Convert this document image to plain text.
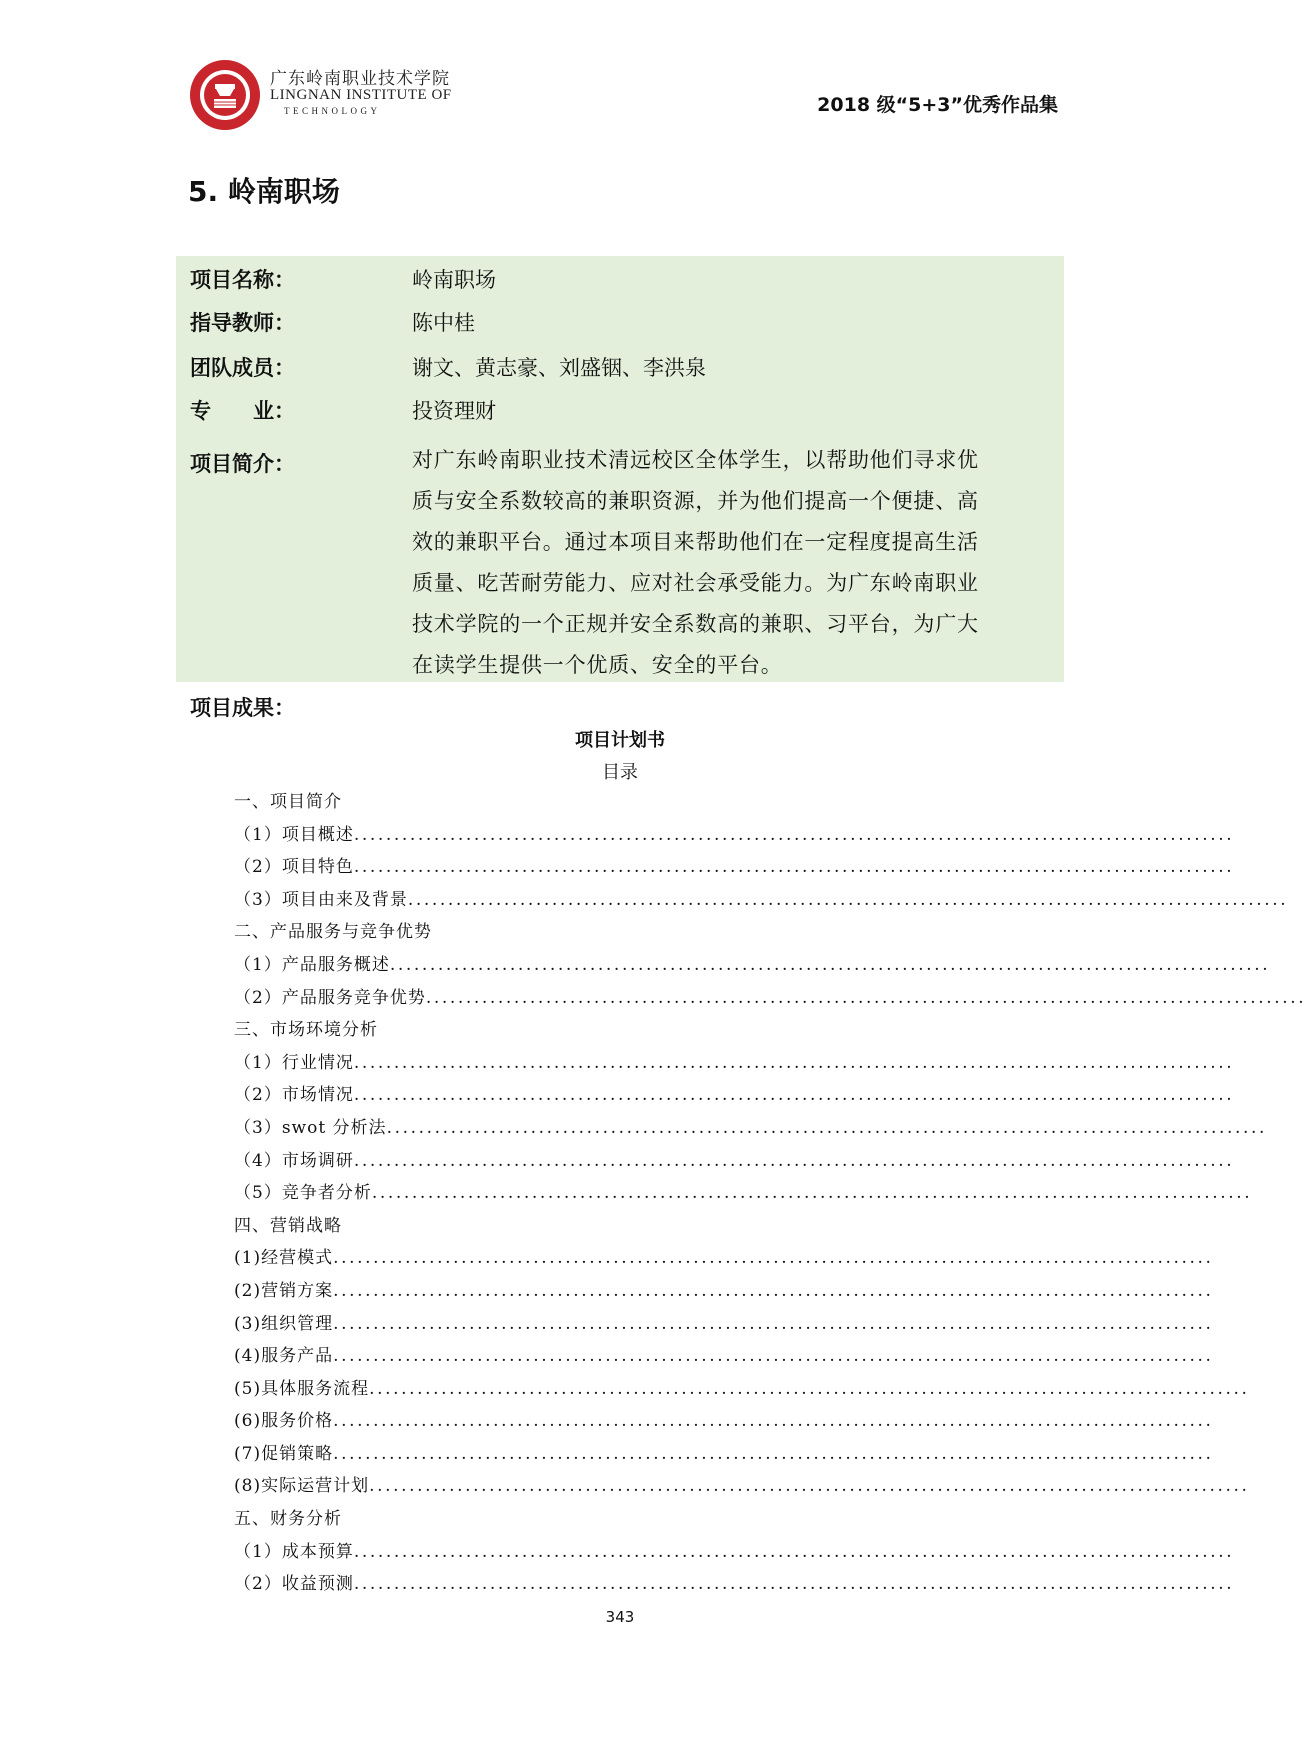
广东岭南职业技术学院
LINGNAN INSTITUTE OF
TECHNOLOGY	2018 级“5+3”优秀作品集
5. 岭南职场
项目名称：	岭南职场
指导教师：	陈中桂
团队成员：	谢文、黄志豪、刘盛铟、李洪泉
专　　业：	投资理财
项目简介：	对广东岭南职业技术清远校区全体学生，以帮助他们寻求优
质与安全系数较高的兼职资源，并为他们提高一个便捷、高
效的兼职平台。通过本项目来帮助他们在一定程度提高生活
质量、吃苦耐劳能力、应对社会承受能力。为广东岭南职业
技术学院的一个正规并安全系数高的兼职、习平台，为广大
在读学生提供一个优质、安全的平台。
项目成果：
项目计划书
目录
一、项目简介
（1）项目概述..............................................................................................................
（2）项目特色..............................................................................................................
（3）项目由来及背景..............................................................................................................
二、产品服务与竞争优势
（1）产品服务概述..............................................................................................................
（2）产品服务竞争优势..............................................................................................................
三、市场环境分析
（1）行业情况..............................................................................................................
（2）市场情况..............................................................................................................
（3）swot 分析法..............................................................................................................
（4）市场调研..............................................................................................................
（5）竞争者分析..............................................................................................................
四、营销战略
(1)经营模式..............................................................................................................
(2)营销方案..............................................................................................................
(3)组织管理..............................................................................................................
(4)服务产品..............................................................................................................
(5)具体服务流程..............................................................................................................
(6)服务价格..............................................................................................................
(7)促销策略..............................................................................................................
(8)实际运营计划..............................................................................................................
五、财务分析
（1）成本预算..............................................................................................................
（2）收益预测..............................................................................................................
343
